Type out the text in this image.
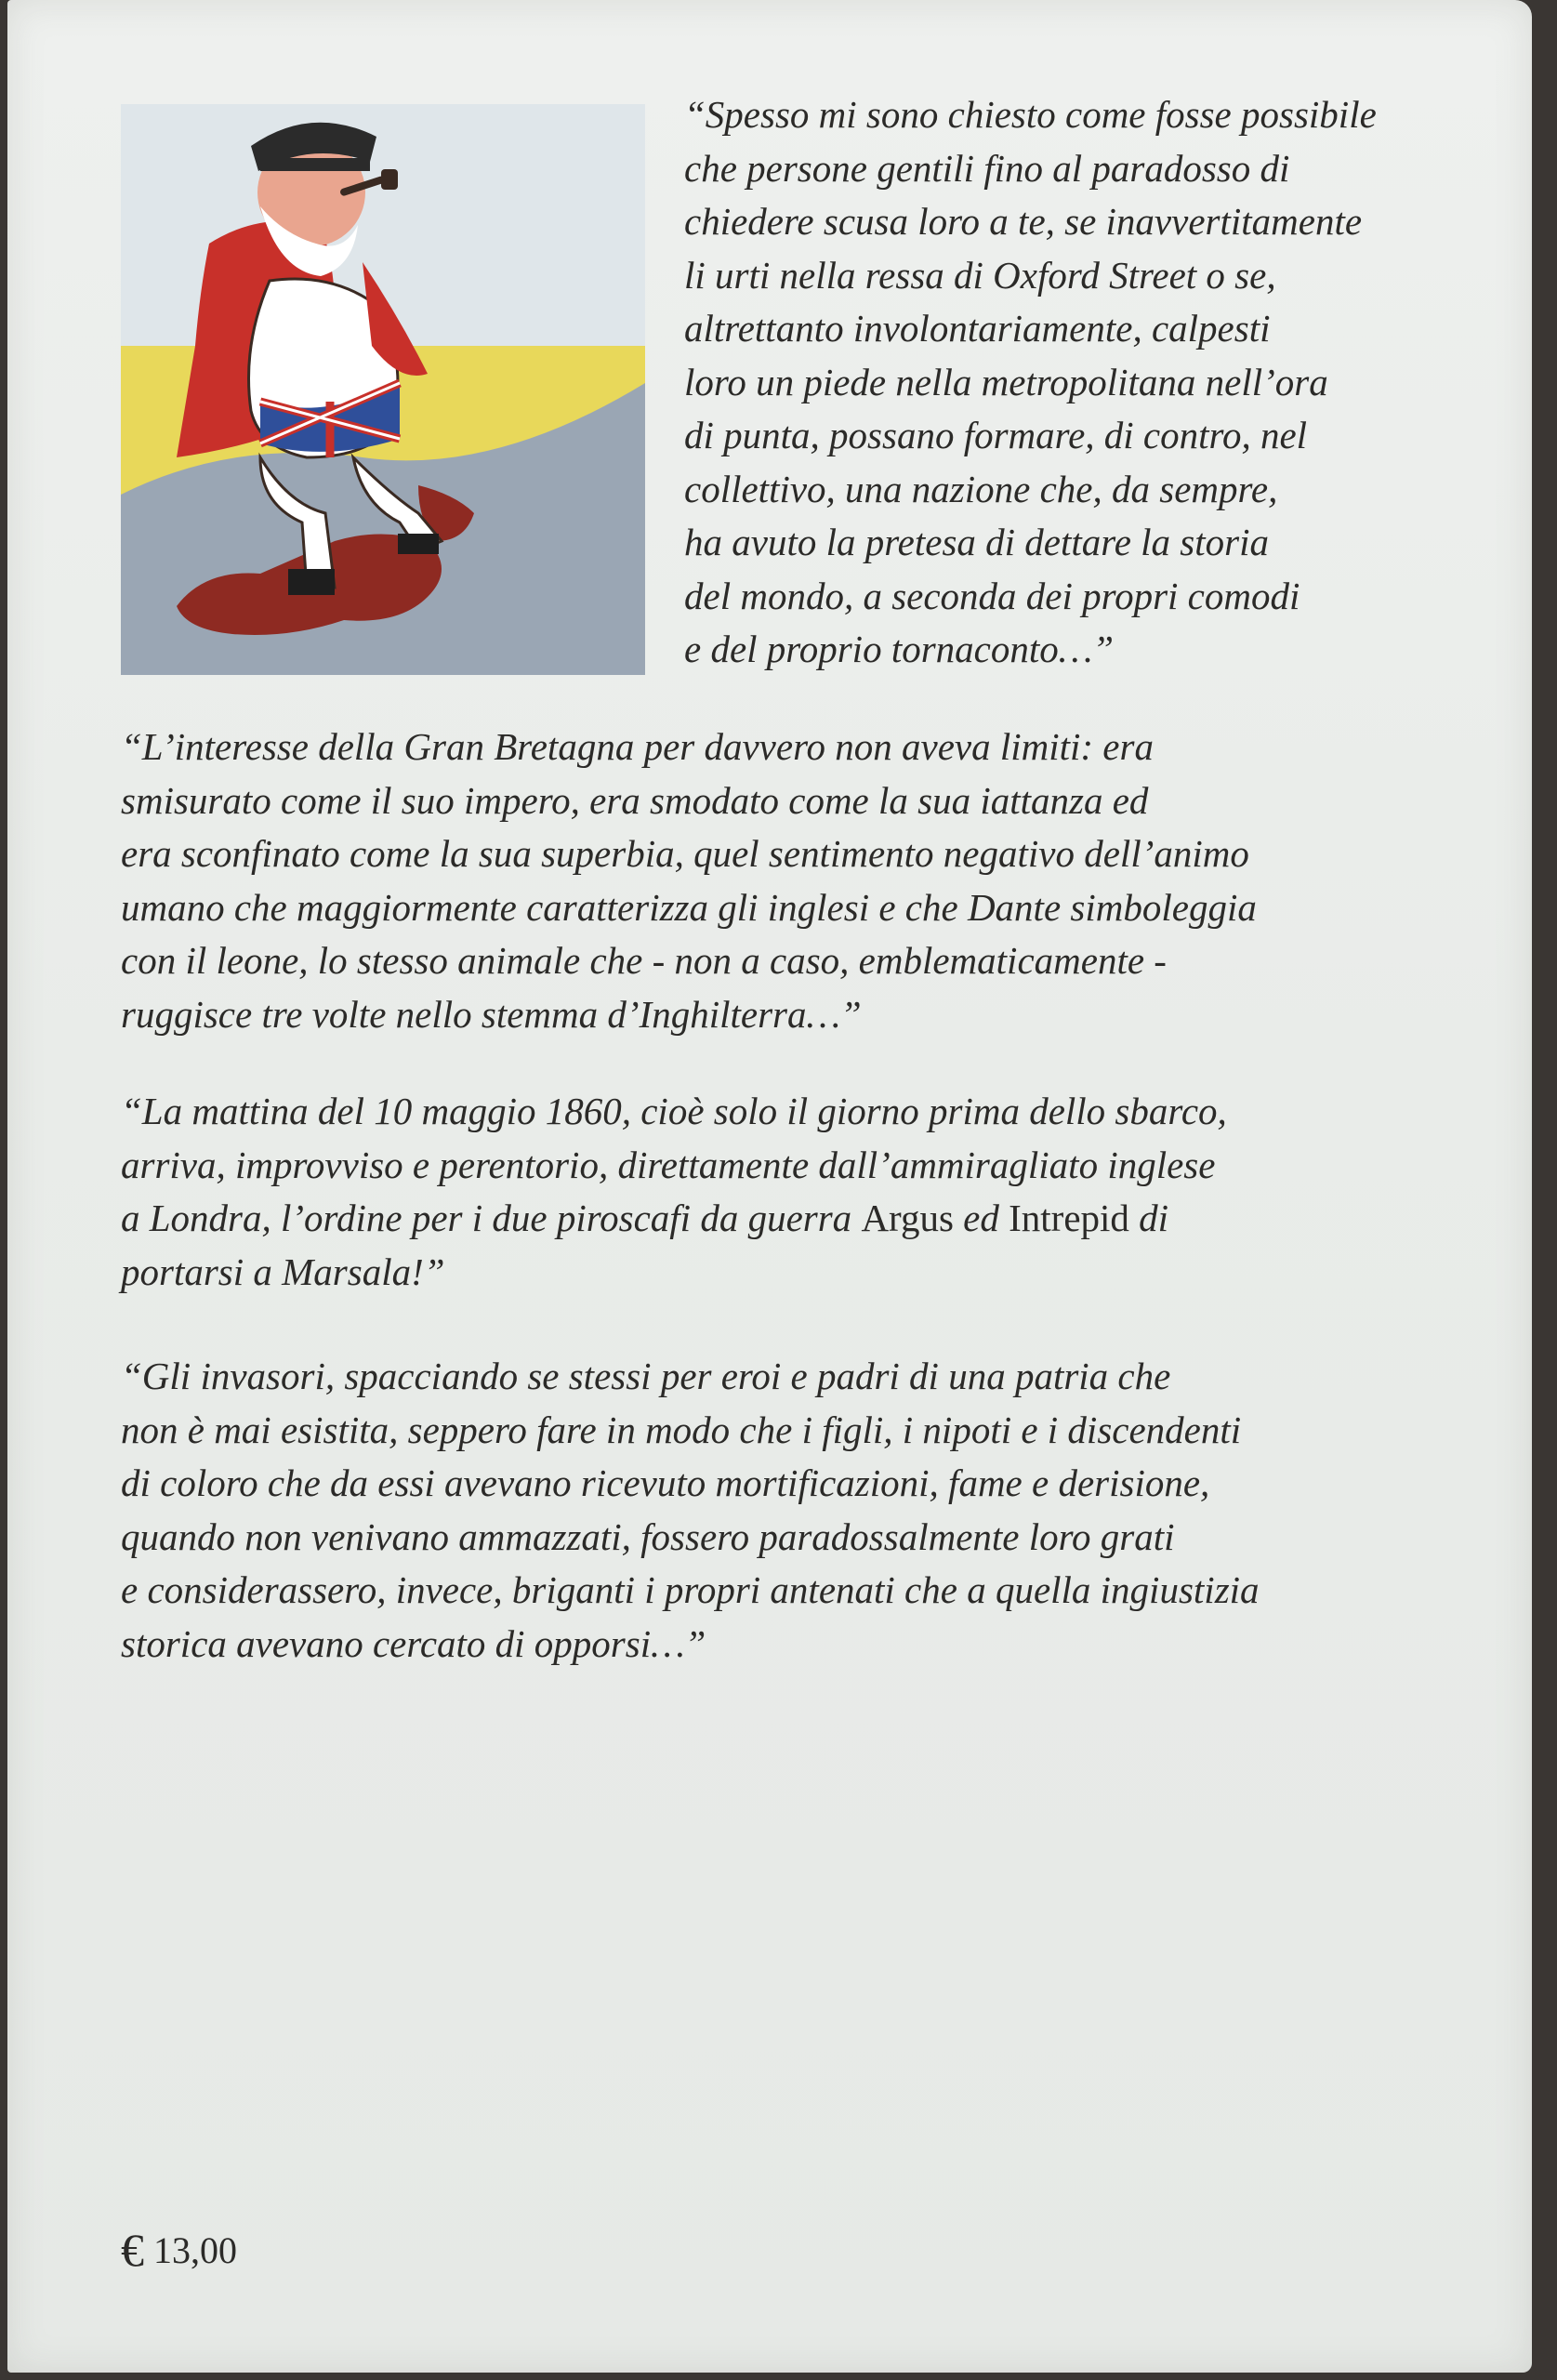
“Spesso mi sono chiesto come fosse possibile
che persone gentili fino al paradosso di
chiedere scusa loro a te, se inavvertitamente
li urti nella ressa di Oxford Street o se,
altrettanto involontariamente, calpesti
loro un piede nella metropolitana nell’ora
di punta, possano formare, di contro, nel
collettivo, una nazione che, da sempre,
ha avuto la pretesa di dettare la storia
del mondo, a seconda dei propri comodi
e del proprio tornaconto…”

“L’interesse della Gran Bretagna per davvero non aveva limiti: era
smisurato come il suo impero, era smodato come la sua iattanza ed
era sconfinato come la sua superbia, quel sentimento negativo dell’animo
umano che maggiormente caratterizza gli inglesi e che Dante simboleggia
con il leone, lo stesso animale che - non a caso, emblematicamente -
ruggisce tre volte nello stemma d’Inghilterra…”

“La mattina del 10 maggio 1860, cioè solo il giorno prima dello sbarco,
arriva, improvviso e perentorio, direttamente dall’ammiragliato inglese
a Londra, l’ordine per i due piroscafi da guerra Argus ed Intrepid di
portarsi a Marsala!”

“Gli invasori, spacciando se stessi per eroi e padri di una patria che
non è mai esistita, seppero fare in modo che i figli, i nipoti e i discendenti
di coloro che da essi avevano ricevuto mortificazioni, fame e derisione,
quando non venivano ammazzati, fossero paradossalmente loro grati
e considerassero, invece, briganti i propri antenati che a quella ingiustizia
storica avevano cercato di opporsi…”

€ 13,00
